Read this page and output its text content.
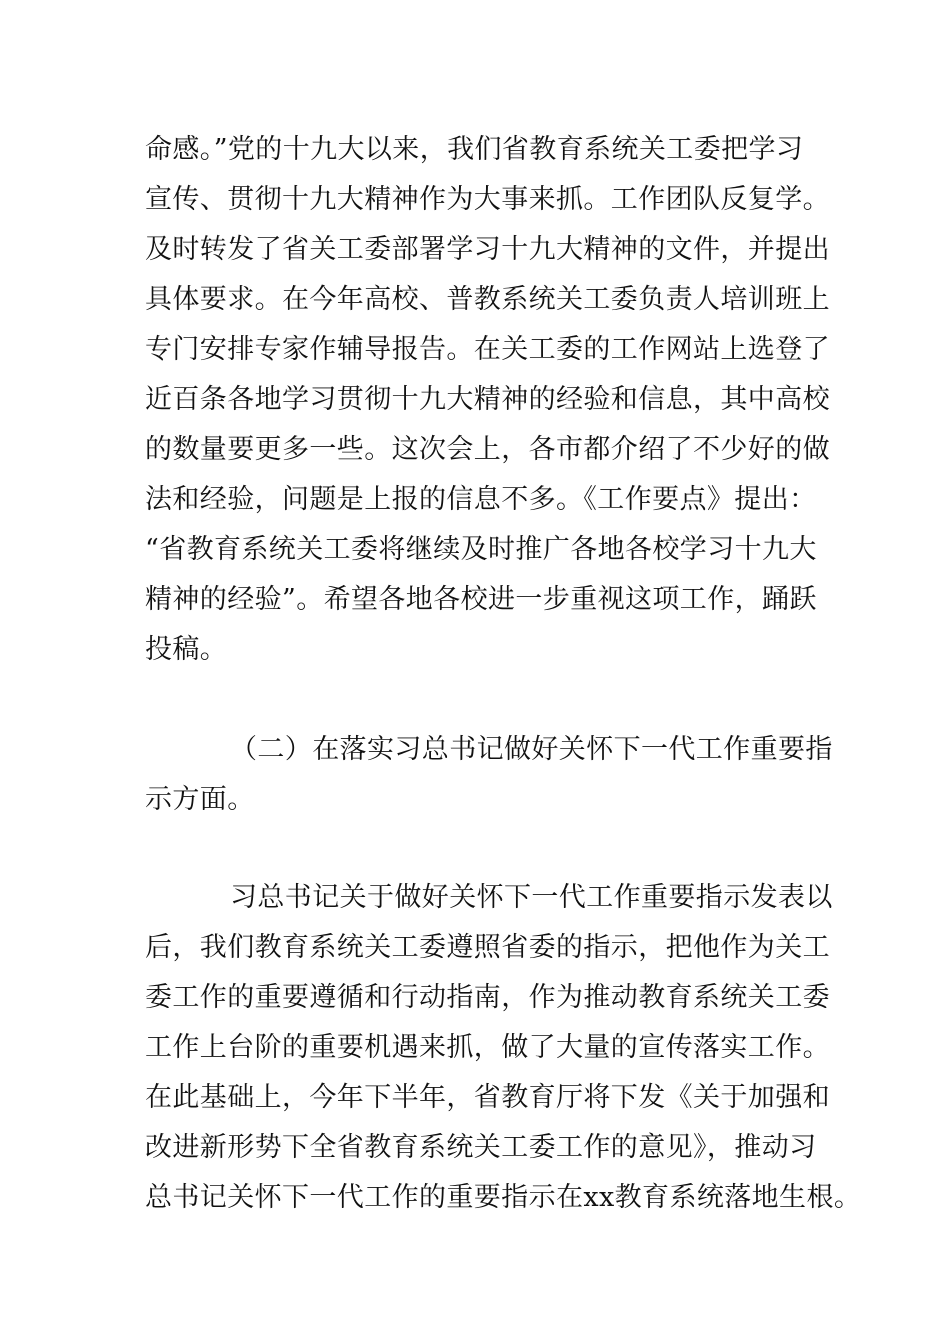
命感。”党的十九大以来，我们省教育系统关工委把学习
宣传、贯彻十九大精神作为大事来抓。工作团队反复学。
及时转发了省关工委部署学习十九大精神的文件，并提出
具体要求。在今年高校、普教系统关工委负责人培训班上
专门安排专家作辅导报告。在关工委的工作网站上选登了
近百条各地学习贯彻十九大精神的经验和信息，其中高校
的数量要更多一些。这次会上，各市都介绍了不少好的做
法和经验，问题是上报的信息不多。《工作要点》提出：
“省教育系统关工委将继续及时推广各地各校学习十九大
精神的经验”。希望各地各校进一步重视这项工作，踊跃
投稿。
（二）在落实习总书记做好关怀下一代工作重要指
示方面。
习总书记关于做好关怀下一代工作重要指示发表以
后，我们教育系统关工委遵照省委的指示，把他作为关工
委工作的重要遵循和行动指南，作为推动教育系统关工委
工作上台阶的重要机遇来抓，做了大量的宣传落实工作。
在此基础上，今年下半年，省教育厅将下发《关于加强和
改进新形势下全省教育系统关工委工作的意见》，推动习
总书记关怀下一代工作的重要指示在xx教育系统落地生根。
